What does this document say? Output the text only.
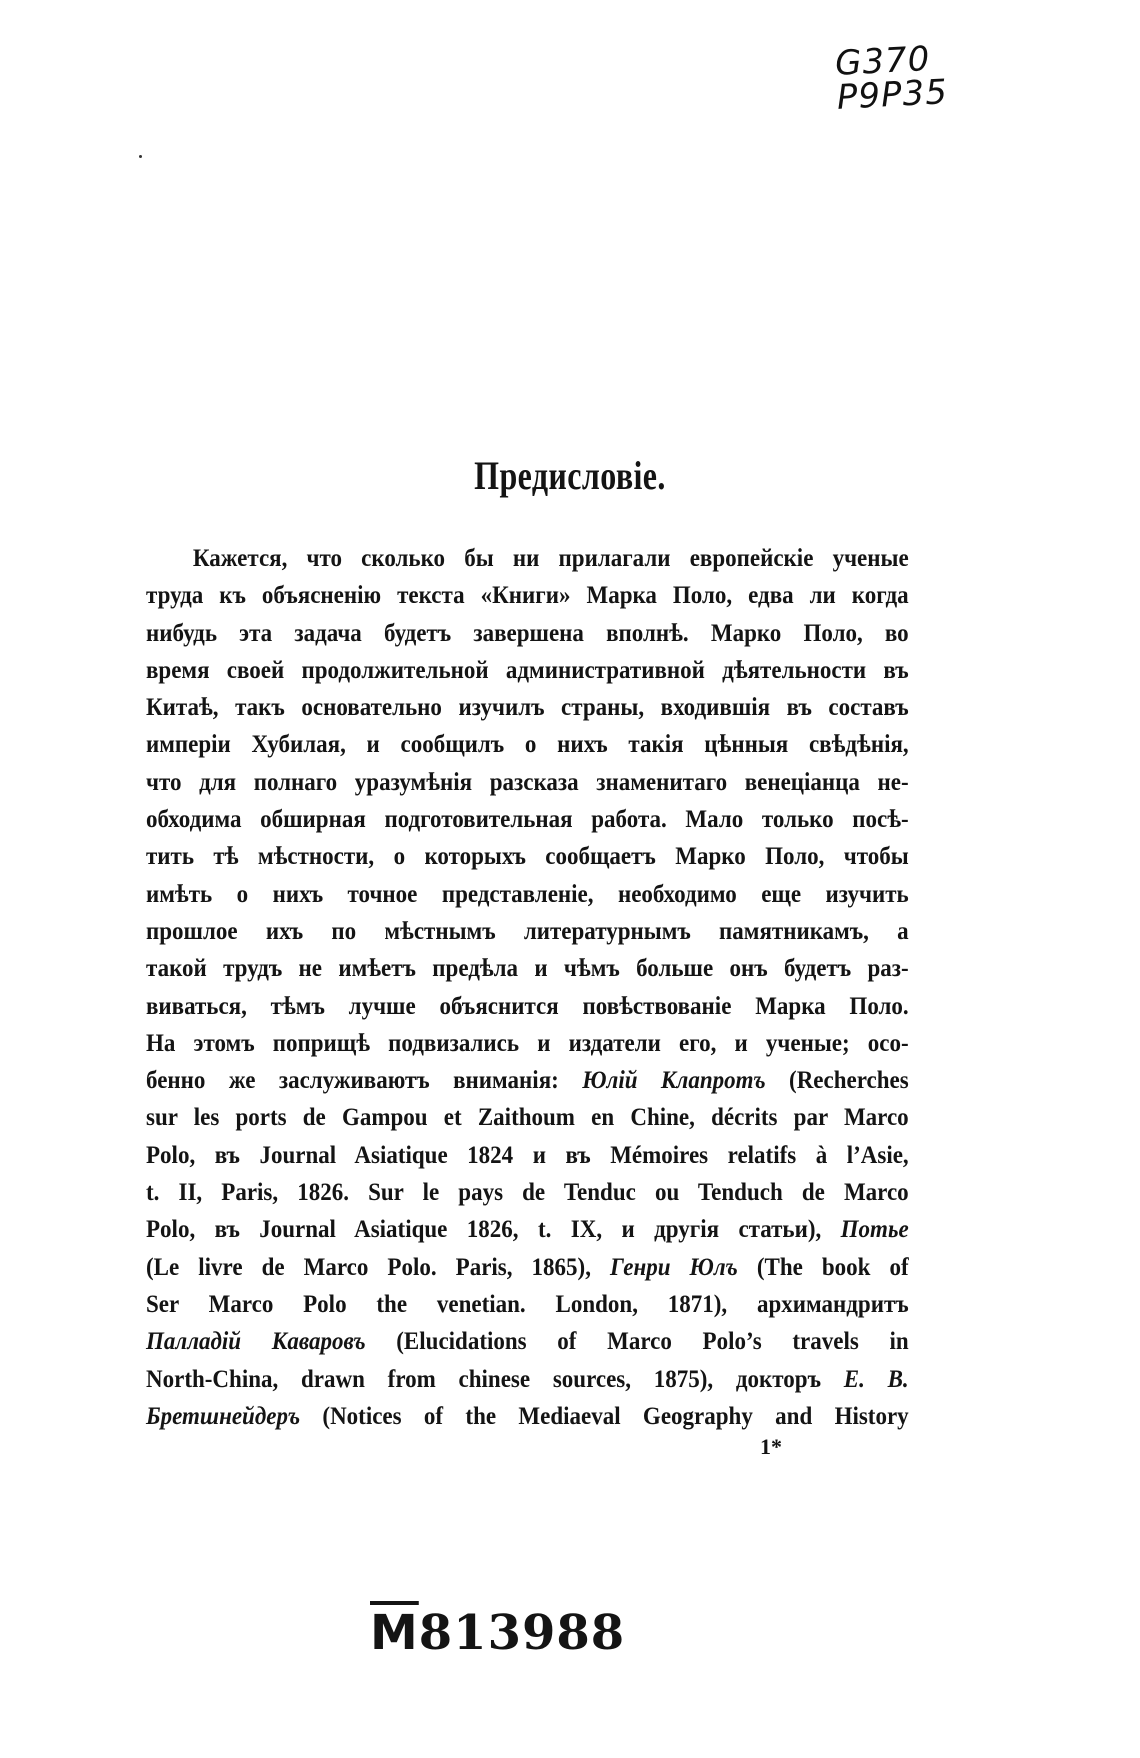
G370
P9P35
Предисловіе.
Кажется, что сколько бы ни прилагали европейскіе ученые
труда къ объясненію текста «Книги» Марка Поло, едва ли когда
нибудь эта задача будетъ завершена вполнѣ. Марко Поло, во
время своей продолжительной административной дѣятельности въ
Китаѣ, такъ основательно изучилъ страны, входившія въ составъ
имперіи Хубилая, и сообщилъ о нихъ такія цѣнныя свѣдѣнія,
что для полнаго уразумѣнія разсказа знаменитаго венеціанца не-
обходима обширная подготовительная работа. Мало только посѣ-
тить тѣ мѣстности, о которыхъ сообщаетъ Марко Поло, чтобы
имѣть о нихъ точное представленіе, необходимо еще изучить
прошлое ихъ по мѣстнымъ литературнымъ памятникамъ, а
такой трудъ не имѣетъ предѣла и чѣмъ больше онъ будетъ раз-
виваться, тѣмъ лучше объяснится повѣствованіе Марка Поло.
На этомъ поприщѣ подвизались и издатели его, и ученые; осо-
бенно же заслуживаютъ вниманія: Юлій Клапротъ (Recherches
sur les ports de Gampou et Zaithoum en Chine, décrits par Marco
Polo, въ Journal Asiatique 1824 и въ Mémoires relatifs à l’Asie,
t. II, Paris, 1826. Sur le pays de Tenduc ou Tenduch de Marco
Polo, въ Journal Asiatique 1826, t. IX, и другія статьи), Потье
(Le livre de Marco Polo. Paris, 1865), Генри Юлъ (The book of
Ser Marco Polo the venetian. London, 1871), архимандритъ
Палладій Каваровъ (Elucidations of Marco Polo’s travels in
North-China, drawn from chinese sources, 1875), докторъ Е. В.
Бретшнейдеръ (Notices of the Mediaeval Geography and History
1*
$\overline{M}813988$
